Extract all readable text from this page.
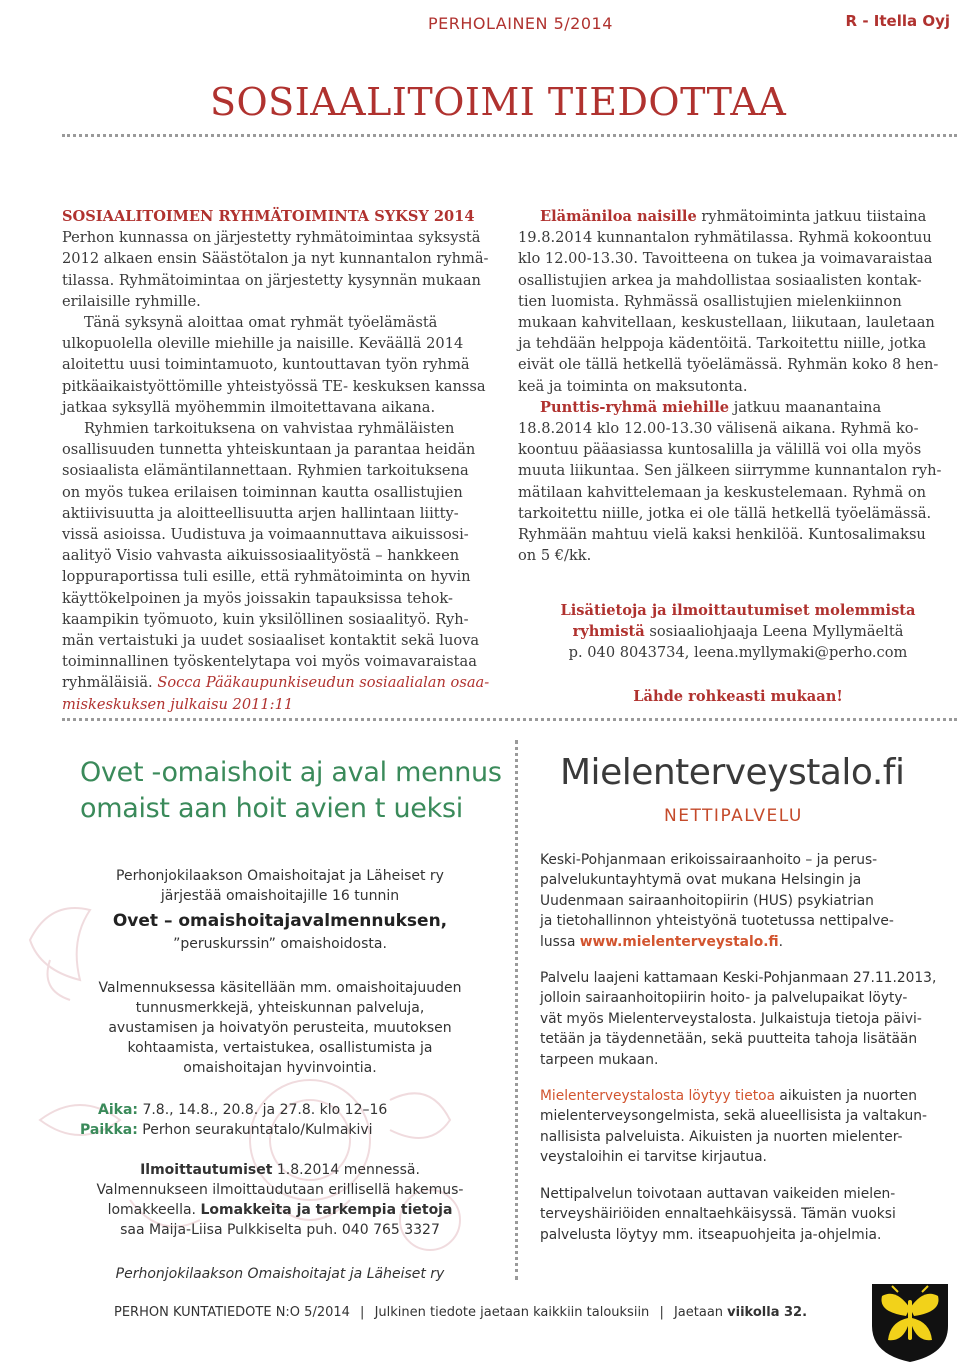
PERHOLAINEN 5/2014	R - Itella Oyj
SOSIAALITOIMI TIEDOTTAA

SOSIAALITOIMEN RYHMÄTOIMINTA SYKSY 2014

Perhon kunnassa on järjestetty ryhmätoimintaa syksystä

2012 alkaen ensin Säästötalon ja nyt kunnantalon ryhmä-

tilassa. Ryhmätoimintaa on järjestetty kysynnän mukaan

erilaisille ryhmille.

Tänä syksynä aloittaa omat ryhmät työelämästä

ulkopuolella oleville miehille ja naisille. Keväällä 2014

aloitettu uusi toimintamuoto, kuntouttavan työn ryhmä

pitkäaikaistyöttömille yhteistyössä TE- keskuksen kanssa

jatkaa syksyllä myöhemmin ilmoitettavana aikana.

Ryhmien tarkoituksena on vahvistaa ryhmäläisten

osallisuuden tunnetta yhteiskuntaan ja parantaa heidän

sosiaalista elämäntilannettaan. Ryhmien tarkoituksena

on myös tukea erilaisen toiminnan kautta osallistujien

aktiivisuutta ja aloitteellisuutta arjen hallintaan liitty-

vissä asioissa. Uudistuva ja voimaannuttava aikuissosi-

aalityö Visio vahvasta aikuissosiaalityöstä – hankkeen

loppuraportissa tuli esille, että ryhmätoiminta on hyvin

käyttökelpoinen ja myös joissakin tapauksissa tehok-

kaampikin työmuoto, kuin yksilöllinen sosiaalityö. Ryh-

män vertaistuki ja uudet sosiaaliset kontaktit sekä luova

toiminnallinen työskentelytapa voi myös voimavaraistaa

ryhmäläisiä. Socca Pääkaupunkiseudun sosiaalialan osaa-

miskeskuksen julkaisu 2011:11

Elämäniloa naisille ryhmätoiminta jatkuu tiistaina

19.8.2014 kunnantalon ryhmätilassa. Ryhmä kokoontuu

klo 12.00-13.30. Tavoitteena on tukea ja voimavaraistaa

osallistujien arkea ja mahdollistaa sosiaalisten kontak-

tien luomista. Ryhmässä osallistujien mielenkiinnon

mukaan kahvitellaan, keskustellaan, liikutaan, lauletaan

ja tehdään helppoja kädentöitä. Tarkoitettu niille, jotka

eivät ole tällä hetkellä työelämässä. Ryhmän koko 8 hen-

keä ja toiminta on maksutonta.

Punttis-ryhmä miehille jatkuu maanantaina

18.8.2014 klo 12.00-13.30 välisenä aikana. Ryhmä ko-

koontuu pääasiassa kuntosalilla ja välillä voi olla myös

muuta liikuntaa. Sen jälkeen siirrymme kunnantalon ryh-

mätilaan kahvittelemaan ja keskustelemaan. Ryhmä on

tarkoitettu niille, jotka ei ole tällä hetkellä työelämässä.

Ryhmään mahtuu vielä kaksi henkilöä. Kuntosalimaksu

on 5 €/kk.

Lisätietoja ja ilmoittautumiset molemmista

ryhmistä sosiaaliohjaaja Leena Myllymäeltä

p. 040 8043734, leena.myllymaki@perho.com

Lähde rohkeasti mukaan!

Ovet -omaishoit aj aval mennus
omaist aan hoit avien t ueksi
Perhonjokilaakson Omaishoitajat ja Läheiset ry
järjestää omaishoitajille 16 tunnin
Ovet – omaishoitajavalmennuksen,
”peruskurssin” omaishoidosta.
Valmennuksessa käsitellään mm. omaishoitajuuden
tunnusmerkkejä, yhteiskunnan palveluja,
avustamisen ja hoivatyön perusteita, muutoksen
kohtaamista, vertaistukea, osallistumista ja
omaishoitajan hyvinvointia.
Aika: 7.8., 14.8., 20.8. ja 27.8. klo 12–16
Paikka: Perhon seurakuntatalo/Kulmakivi
Ilmoittautumiset 1.8.2014 mennessä.
Valmennukseen ilmoittaudutaan erillisellä hakemus-
lomakkeella. Lomakkeita ja tarkempia tietoja
saa Maija-Liisa Pulkkiselta puh. 040 765 3327
Perhonjokilaakson Omaishoitajat ja Läheiset ry
Mielenterveystalo.fi
NETTIPALVELU

Keski-Pohjanmaan erikoissairaanhoito – ja perus-
palvelukuntayhtymä ovat mukana Helsingin ja
Uudenmaan sairaanhoitopiirin (HUS) psykiatrian
ja tietohallinnon yhteistyönä tuotetussa nettipalve-
lussa www.mielenterveystalo.fi.

Palvelu laajeni kattamaan Keski-Pohjanmaan 27.11.2013,
jolloin sairaanhoitopiirin hoito- ja palvelupaikat löyty-
vät myös Mielenterveystalosta. Julkaistuja tietoja päivi-
tetään ja täydennetään, sekä puutteita tahoja lisätään
tarpeen mukaan.

Mielenterveystalosta löytyy tietoa aikuisten ja nuorten
mielenterveysongelmista, sekä alueellisista ja valtakun-
nallisista palveluista. Aikuisten ja nuorten mielenter-
veystaloihin ei tarvitse kirjautua.

Nettipalvelun toivotaan auttavan vaikeiden mielen-
terveyshäiriöiden ennaltaehkäisyssä. Tämän vuoksi
palvelusta löytyy mm. itseapuohjeita ja-ohjelmia.

PERHON KUNTATIEDOTE N:O 5/2014 | Julkinen tiedote jaetaan kaikkiin talouksiin | Jaetaan viikolla 32.
